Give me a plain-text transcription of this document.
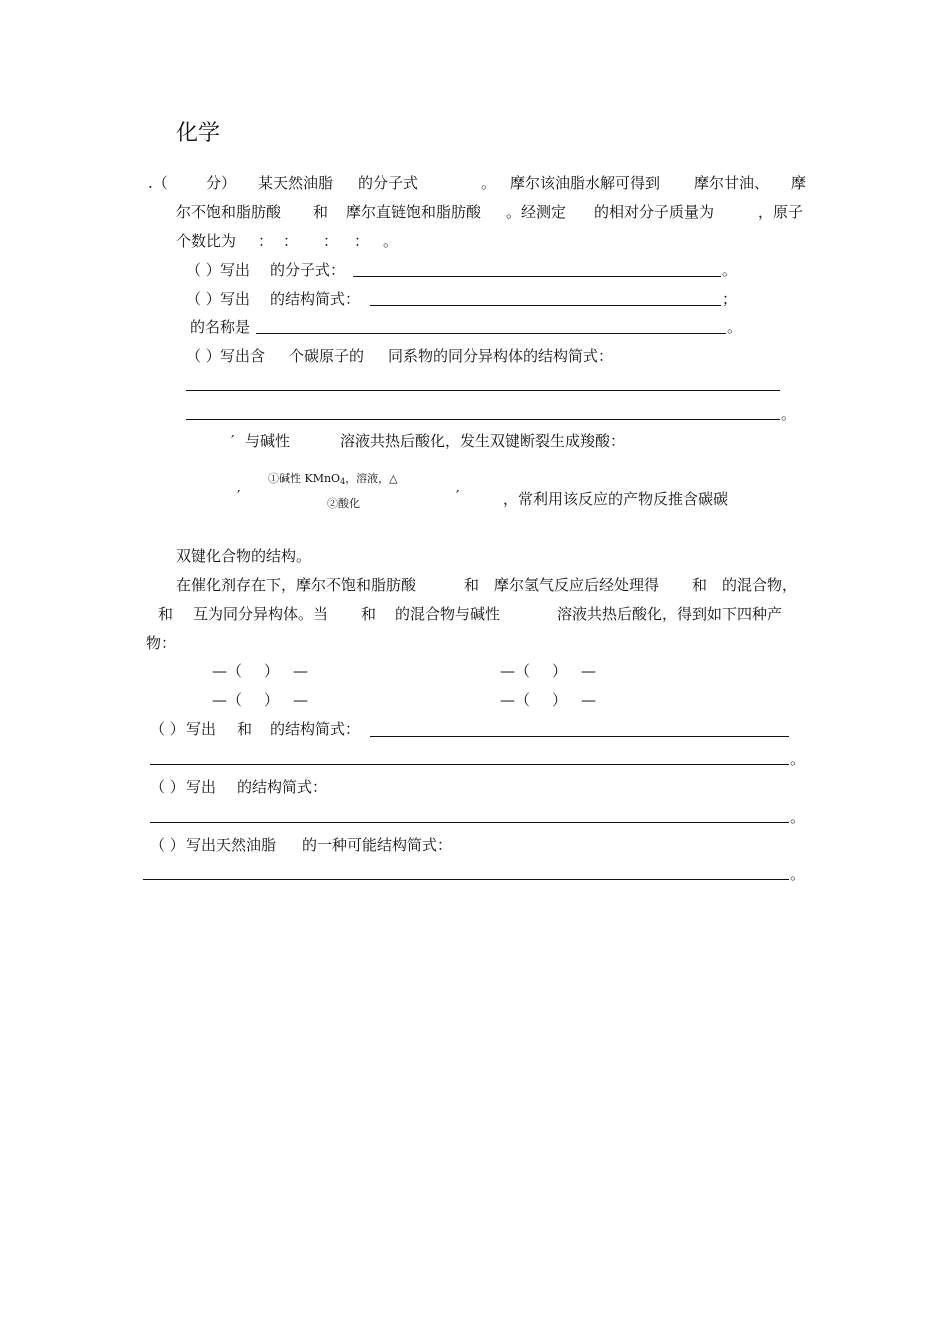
化学
.（	分） 某天然油脂 的分子式	。 摩尔该油脂水解可得到 摩尔甘油、 摩
尔不饱和脂肪酸 和 摩尔直链饱和脂肪酸 。经测定 的相对分子质量为	，原子
个数比为 ： ： ： ： 。
（ ） 写出 的分子式：	。
（ ） 写出 的结构简式：	；
的名称是	。
（ ） 写出含 个碳原子的 同系物的同分异构体的结构简式：
。
′ 与碱性	溶液共热后酸化，发生双键断裂生成羧酸：
①碱性 KMnO$_4$，溶液，△
②酸化
′	′	，常利用该反应的产物反推含碳碳
双键化合物的结构。
在催化剂存在下，摩尔不饱和脂肪酸	和 摩尔氢气反应后经处理得 和 的混合物，
和 互为同分异构体。当 和 的混合物与碱性	溶液共热后酸化，得到如下四种产
物：
—（ ） —	—（ ） —
—（ ） —	—（ ） —
（ ） 写出 和 的结构简式：
。
（ ） 写出 的结构简式：
。
（ ） 写出天然油脂 的一种可能结构简式：
。
